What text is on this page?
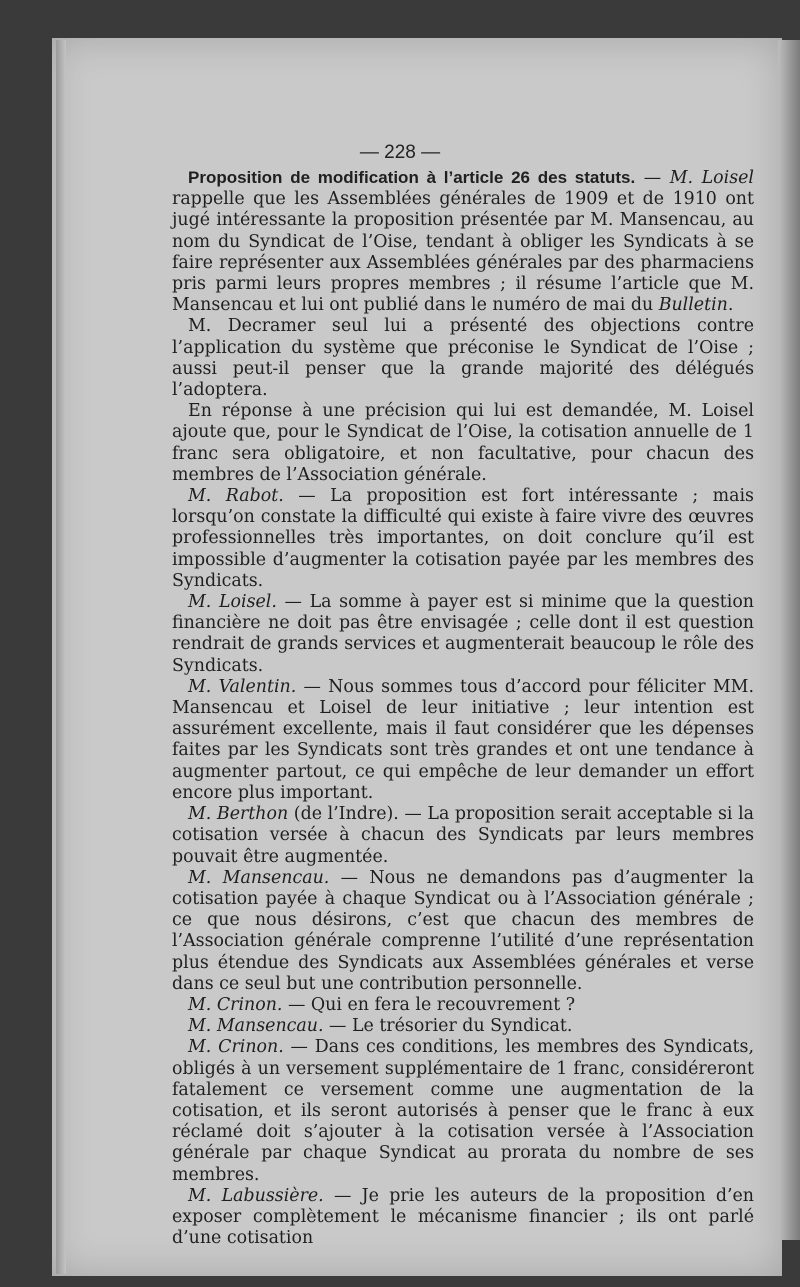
— 228 —

Proposition de modification à l’article 26 des statuts. — M. Loisel rappelle que les Assemblées générales de 1909 et de 1910 ont jugé intéressante la proposition présentée par M. Mansencau, au nom du Syndicat de l’Oise, tendant à obliger les Syndicats à se faire représenter aux Assemblées générales par des pharmaciens pris parmi leurs propres membres ; il résume l’article que M. Mansencau et lui ont publié dans le numéro de mai du Bulletin.

M. Decramer seul lui a présenté des objections contre l’application du système que préconise le Syndicat de l’Oise ; aussi peut-il penser que la grande majorité des délégués l’adoptera.

En réponse à une précision qui lui est demandée, M. Loisel ajoute que, pour le Syndicat de l’Oise, la cotisation annuelle de 1 franc sera obligatoire, et non facultative, pour chacun des membres de l’Association générale.

M. Rabot. — La proposition est fort intéressante ; mais lorsqu’on constate la difficulté qui existe à faire vivre des œuvres professionnelles très importantes, on doit conclure qu’il est impossible d’augmenter la cotisation payée par les membres des Syndicats.

M. Loisel. — La somme à payer est si minime que la question financière ne doit pas être envisagée ; celle dont il est question rendrait de grands services et augmenterait beaucoup le rôle des Syndicats.

M. Valentin. — Nous sommes tous d’accord pour féliciter MM. Mansencau et Loisel de leur initiative ; leur intention est assurément excellente, mais il faut considérer que les dépenses faites par les Syndicats sont très grandes et ont une tendance à augmenter partout, ce qui empêche de leur demander un effort encore plus important.

M. Berthon (de l’Indre). — La proposition serait acceptable si la cotisation versée à chacun des Syndicats par leurs membres pouvait être augmentée.

M. Mansencau. — Nous ne demandons pas d’augmenter la cotisation payée à chaque Syndicat ou à l’Association générale ; ce que nous désirons, c’est que chacun des membres de l’Association générale comprenne l’utilité d’une représentation plus étendue des Syndicats aux Assemblées générales et verse dans ce seul but une contribution personnelle.

M. Crinon. — Qui en fera le recouvrement ?

M. Mansencau. — Le trésorier du Syndicat.

M. Crinon. — Dans ces conditions, les membres des Syndicats, obligés à un versement supplémentaire de 1 franc, considéreront fatalement ce versement comme une augmentation de la cotisation, et ils seront autorisés à penser que le franc à eux réclamé doit s’ajouter à la cotisation versée à l’Association générale par chaque Syndicat au prorata du nombre de ses membres.

M. Labussière. — Je prie les auteurs de la proposition d’en exposer complètement le mécanisme financier ; ils ont parlé d’une cotisation
